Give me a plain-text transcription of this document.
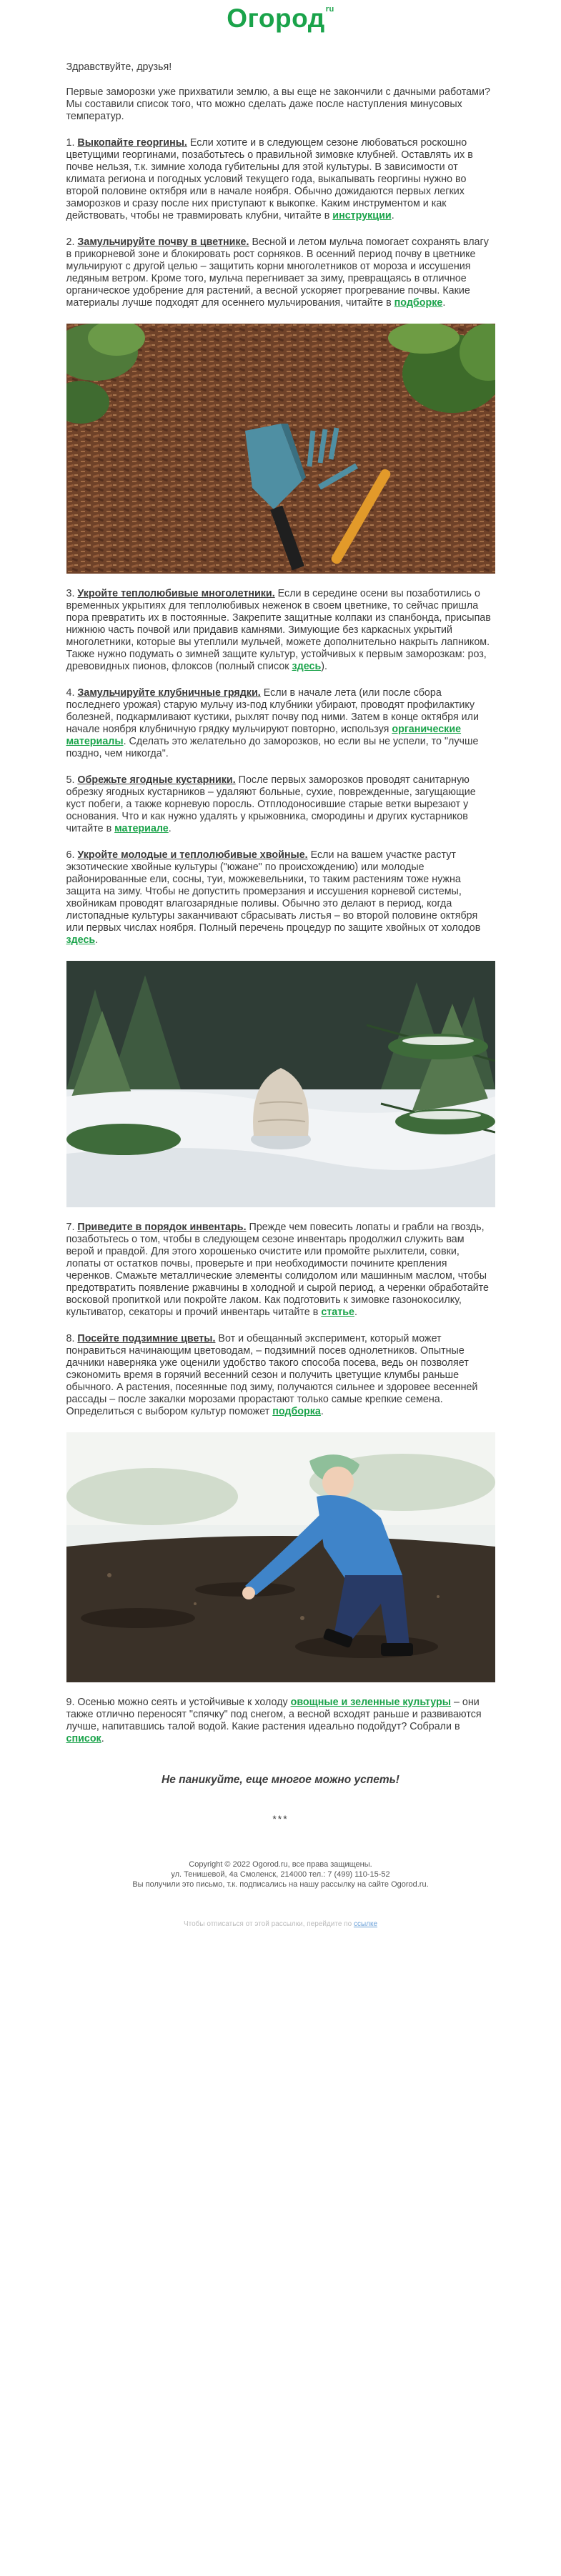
Огород$^{ru}$

Здравствуйте, друзья!

Первые заморозки уже прихватили землю, а вы еще не закончили с дачными работами? Мы составили список того, что можно сделать даже после наступления минусовых температур.

1. Выкопайте георгины. Если хотите и в следующем сезоне любоваться роскошно цветущими георгинами, позаботьтесь о правильной зимовке клубней. Оставлять их в почве нельзя, т.к. зимние холода губительны для этой культуры. В зависимости от климата региона и погодных условий текущего года, выкапывать георгины нужно во второй половине октября или в начале ноября. Обычно дожидаются первых легких заморозков и сразу после них приступают к выкопке. Каким инструментом и как действовать, чтобы не травмировать клубни, читайте в инструкции.

2. Замульчируйте почву в цветнике. Весной и летом мульча помогает сохранять влагу в прикорневой зоне и блокировать рост сорняков. В осенний период почву в цветнике мульчируют с другой целью – защитить корни многолетников от мороза и иссушения ледяным ветром. Кроме того, мульча перегнивает за зиму, превращаясь в отличное органическое удобрение для растений, а весной ускоряет прогревание почвы. Какие материалы лучше подходят для осеннего мульчирования, читайте в подборке.

3. Укройте теплолюбивые многолетники. Если в середине осени вы позаботились о временных укрытиях для теплолюбивых неженок в своем цветнике, то сейчас пришла пора превратить их в постоянные. Закрепите защитные колпаки из спанбонда, присыпав нижнюю часть почвой или придавив камнями. Зимующие без каркасных укрытий многолетники, которые вы утеплили мульчей, можете дополнительно накрыть лапником.
Также нужно подумать о зимней защите культур, устойчивых к первым заморозкам: роз, древовидных пионов, флоксов (полный список здесь).

4. Замульчируйте клубничные грядки. Если в начале лета (или после сбора последнего урожая) старую мульчу из-под клубники убирают, проводят профилактику болезней, подкармливают кустики, рыхлят почву под ними. Затем в конце октября или начале ноября клубничную грядку мульчируют повторно, используя органические материалы. Сделать это желательно до заморозков, но если вы не успели, то "лучше поздно, чем никогда".

5. Обрежьте ягодные кустарники. После первых заморозков проводят санитарную обрезку ягодных кустарников – удаляют больные, сухие, поврежденные, загущающие куст побеги, а также корневую поросль. Отплодоносившие старые ветки вырезают у основания. Что и как нужно удалять у крыжовника, смородины и других кустарников читайте в материале.

6. Укройте молодые и теплолюбивые хвойные. Если на вашем участке растут экзотические хвойные культуры ("южане" по происхождению) или молодые районированные ели, сосны, туи, можжевельники, то таким растениям тоже нужна защита на зиму. Чтобы не допустить промерзания и иссушения корневой системы, хвойникам проводят влагозарядные поливы. Обычно это делают в период, когда листопадные культуры заканчивают сбрасывать листья – во второй половине октября или первых числах ноября. Полный перечень процедур по защите хвойных от холодов здесь.

7. Приведите в порядок инвентарь. Прежде чем повесить лопаты и грабли на гвоздь, позаботьтесь о том, чтобы в следующем сезоне инвентарь продолжил служить вам верой и правдой. Для этого хорошенько очистите или промойте рыхлители, совки, лопаты от остатков почвы, проверьте и при необходимости почините крепления черенков. Смажьте металлические элементы солидолом или машинным маслом, чтобы предотвратить появление ржавчины в холодной и сырой период, а черенки обработайте восковой пропиткой или покройте лаком. Как подготовить к зимовке газонокосилку, культиватор, секаторы и прочий инвентарь читайте в статье.

8. Посейте подзимние цветы. Вот и обещанный эксперимент, который может понравиться начинающим цветоводам, – подзимний посев однолетников. Опытные дачники наверняка уже оценили удобство такого способа посева, ведь он позволяет сэкономить время в горячий весенний сезон и получить цветущие клумбы раньше обычного. А растения, посеянные под зиму, получаются сильнее и здоровее весенней рассады – после закалки морозами прорастают только самые крепкие семена. Определиться с выбором культур поможет подборка.

9. Осенью можно сеять и устойчивые к холоду овощные и зеленные культуры – они также отлично переносят "спячку" под снегом, а весной всходят раньше и развиваются лучше, напитавшись талой водой. Какие растения идеально подойдут? Собрали в список.

Не паникуйте, еще многое можно успеть!

***

Copyright © 2022 Ogorod.ru, все права защищены.

ул. Тенишевой, 4а Смоленск, 214000 тел.: 7 (499) 110-15-52

Вы получили это письмо, т.к. подписались на нашу рассылку на сайте Ogorod.ru.

Чтобы отписаться от этой рассылки, перейдите по ссылке
